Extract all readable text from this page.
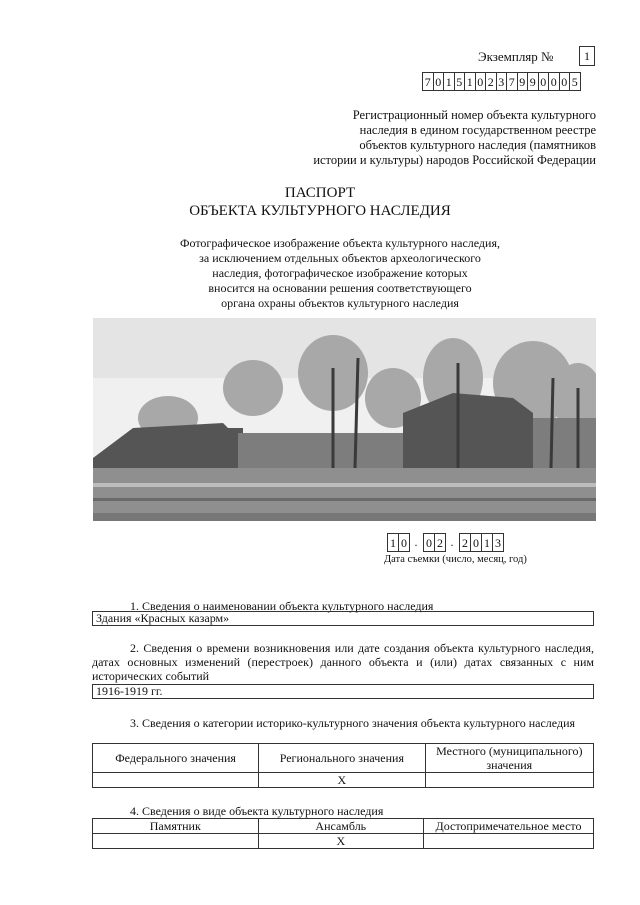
Экземпляр №	1
7 0 1 5 1 0 2 3 7 9 9 0 0 0 5
Регистрационный номер объекта культурного
наследия в едином государственном реестре
объектов культурного наследия (памятников
истории и культуры) народов Российской Федерации
ПАСПОРТ
ОБЪЕКТА КУЛЬТУРНОГО НАСЛЕДИЯ
Фотографическое изображение объекта культурного наследия,
за исключением отдельных объектов археологического
наследия, фотографическое изображение которых
вносится на основании решения соответствующего
органа охраны объектов культурного наследия
1 0 . 0 2 . 2 0 1 3
Дата съемки (число, месяц, год)
1. Сведения о наименовании объекта культурного наследия
Здания «Красных казарм»
2. Сведения о времени возникновения или дате создания объекта культурного наследия, датах основных изменений (перестроек) данного объекта и (или) датах связанных с ним исторических событий
1916-1919 гг.
3. Сведения о категории историко-культурного значения объекта культурного наследия
Федерального значения	Регионального значения	Местного (муниципального) значения
	X	
4. Сведения о виде объекта культурного наследия
Памятник	Ансамбль	Достопримечательное место
	X	
